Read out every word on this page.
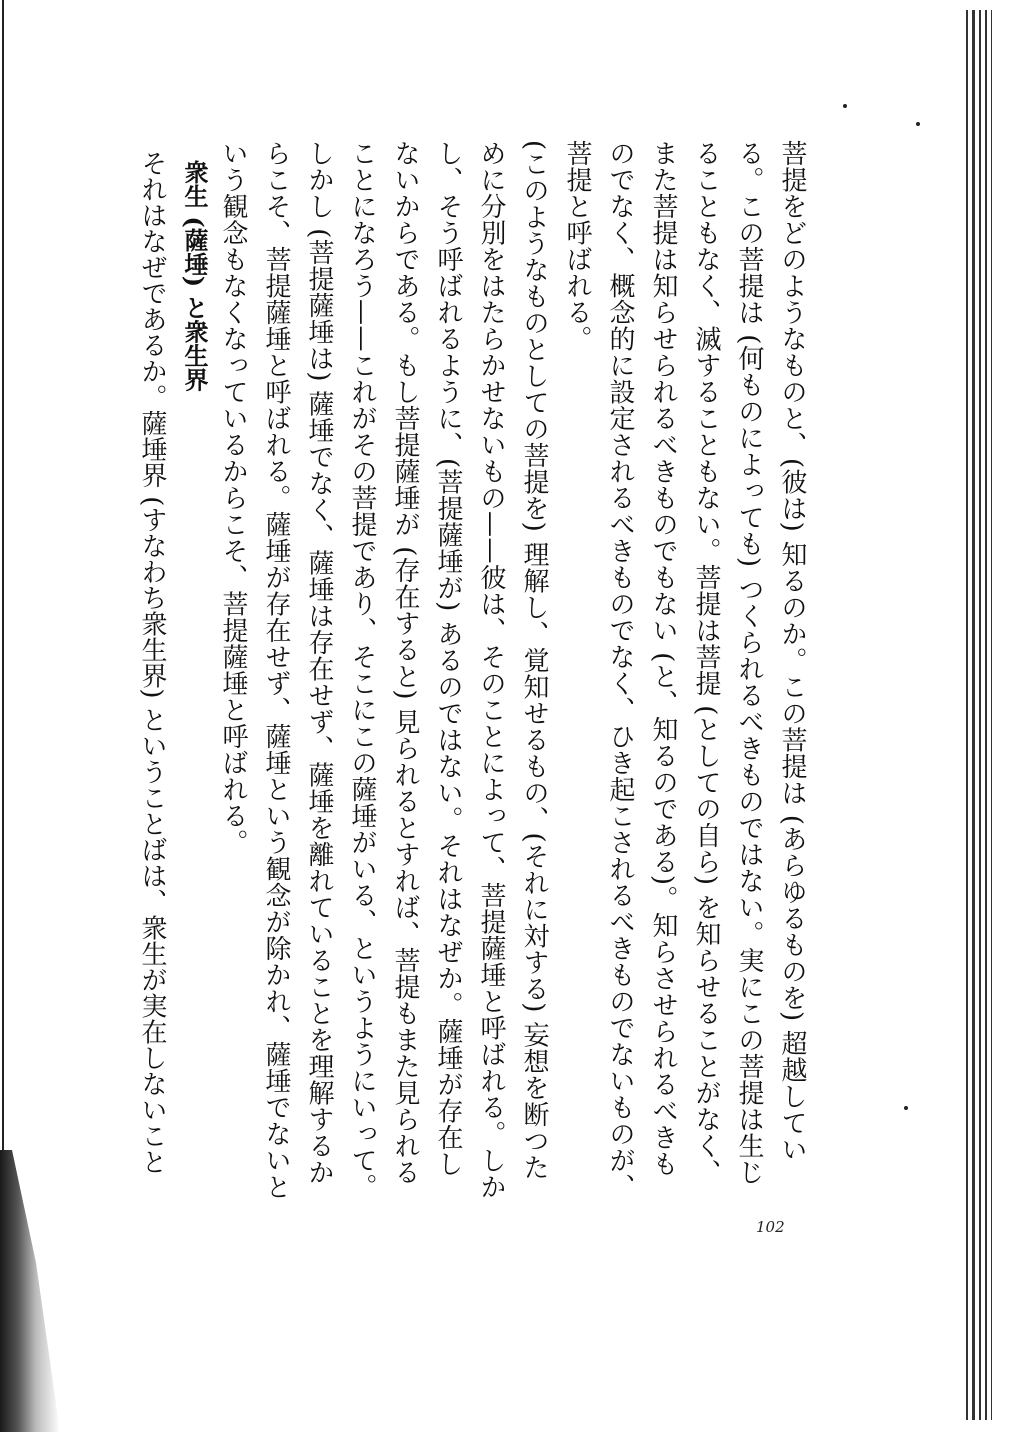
菩提をどのようなものと、(彼は) 知るのか。この菩提は (あらゆるものを) 超越している。この菩提は (何ものによっても) つくられるべきものではない。実にこの菩提は生じることもなく、滅することもない。菩提は菩提 (としての自ら) を知らせることがなく、また菩提は知らせられるべきものでもない (と、知るのである)。知らさせられるべきものでなく、概念的に設定されるべきものでなく、ひき起こされるべきものでないものが、菩提と呼ばれる。

(このようなものとしての菩提を) 理解し、覚知せるもの、(それに対する) 妄想を断つために分別をはたらかせないもの——彼は、そのことによって、菩提薩埵と呼ばれる。しかし、そう呼ばれるように、(菩提薩埵が) あるのではない。それはなぜか。薩埵が存在しないからである。もし菩提薩埵が (存在すると) 見られるとすれば、菩提もまた見られることになろう——これがその菩提であり、そこにこの薩埵がいる、というようにいって。しかし (菩提薩埵は) 薩埵でなく、薩埵は存在せず、薩埵を離れていることを理解するからこそ、菩提薩埵と呼ばれる。薩埵が存在せず、薩埵という観念が除かれ、薩埵でないという観念もなくなっているからこそ、菩提薩埵と呼ばれる。

衆生 (薩埵) と衆生界

それはなぜであるか。薩埵界 (すなわち衆生界) ということばは、衆生が実在しないこと

102
